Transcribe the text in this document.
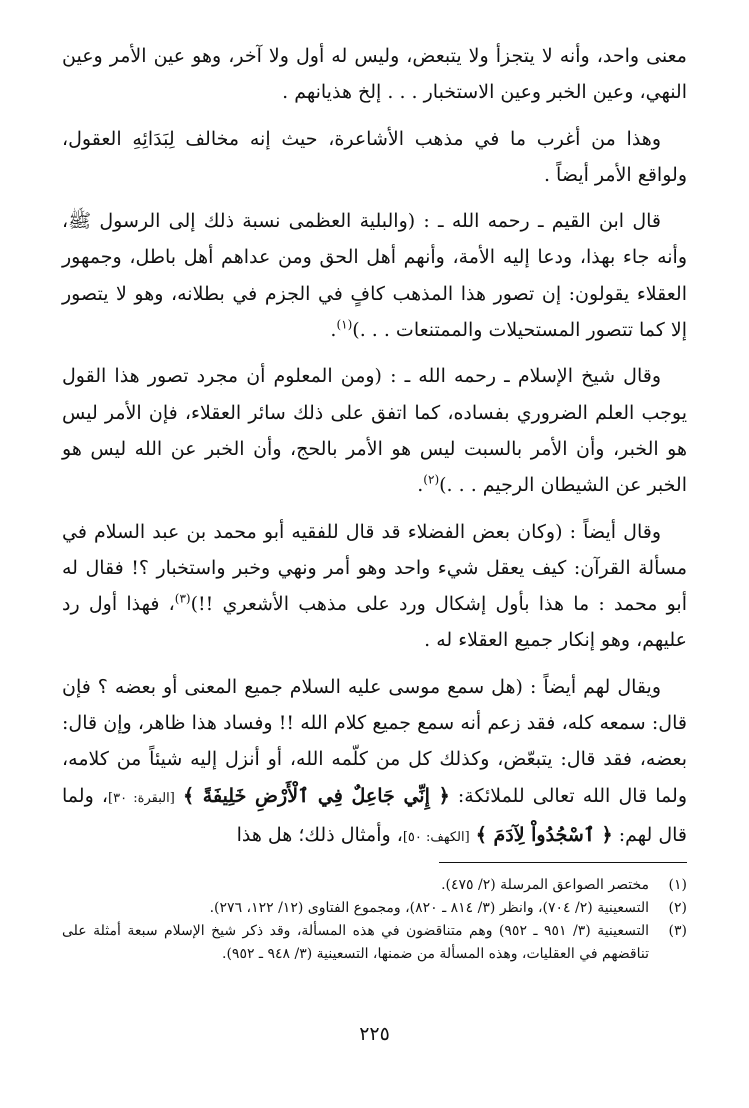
معنى واحد، وأنه لا يتجزأ ولا يتبعض، وليس له أول ولا آخر، وهو عين الأمر وعين النهي، وعين الخبر وعين الاستخبار . . . إلخ هذيانهم .

وهذا من أغرب ما في مذهب الأشاعرة، حيث إنه مخالف لِبَدَائِهِ العقول، ولواقع الأمر أيضاً .

قال ابن القيم ـ رحمه الله ـ : (والبلية العظمى نسبة ذلك إلى الرسول ﷺ، وأنه جاء بهذا، ودعا إليه الأمة، وأنهم أهل الحق ومن عداهم أهل باطل، وجمهور العقلاء يقولون: إن تصور هذا المذهب كافٍ في الجزم في بطلانه، وهو لا يتصور إلا كما تتصور المستحيلات والممتنعات . . .)$^{(١)}$.

وقال شيخ الإسلام ـ رحمه الله ـ : (ومن المعلوم أن مجرد تصور هذا القول يوجب العلم الضروري بفساده، كما اتفق على ذلك سائر العقلاء، فإن الأمر ليس هو الخبر، وأن الأمر بالسبت ليس هو الأمر بالحج، وأن الخبر عن الله ليس هو الخبر عن الشيطان الرجيم . . .)$^{(٢)}$.

وقال أيضاً : (وكان بعض الفضلاء قد قال للفقيه أبو محمد بن عبد السلام في مسألة القرآن: كيف يعقل شيء واحد وهو أمر ونهي وخبر واستخبار ؟! فقال له أبو محمد : ما هذا بأول إشكال ورد على مذهب الأشعري !!)$^{(٣)}$، فهذا أول رد عليهم، وهو إنكار جميع العقلاء له .

ويقال لهم أيضاً : (هل سمع موسى عليه السلام جميع المعنى أو بعضه ؟ فإن قال: سمعه كله، فقد زعم أنه سمع جميع كلام الله !! وفساد هذا ظاهر، وإن قال: بعضه، فقد قال: يتبعّض، وكذلك كل من كلّمه الله، أو أنزل إليه شيئاً من كلامه، ولما قال الله تعالى للملائكة: ﴿ إِنِّي جَاعِلٌ فِي ٱلْأَرْضِ خَلِيفَةً ﴾ [البقرة: ٣٠]، ولما قال لهم: ﴿ ٱسْجُدُواْ لِآدَمَ ﴾ [الكهف: ٥٠]، وأمثال ذلك؛ هل هذا

(١)
مختصر الصواعق المرسلة (٢/ ٤٧٥).
(٢)
التسعينية (٢/ ٧٠٤)، وانظر (٣/ ٨١٤ ـ ٨٢٠)، ومجموع الفتاوى (١٢/ ١٢٢، ٢٧٦).
(٣)
التسعينية (٣/ ٩٥١ ـ ٩٥٢) وهم متناقضون في هذه المسألة، وقد ذكر شيخ الإسلام سبعة أمثلة على تناقضهم في العقليات، وهذه المسألة من ضمنها، التسعينية (٣/ ٩٤٨ ـ ٩٥٢).
٢٢٥
